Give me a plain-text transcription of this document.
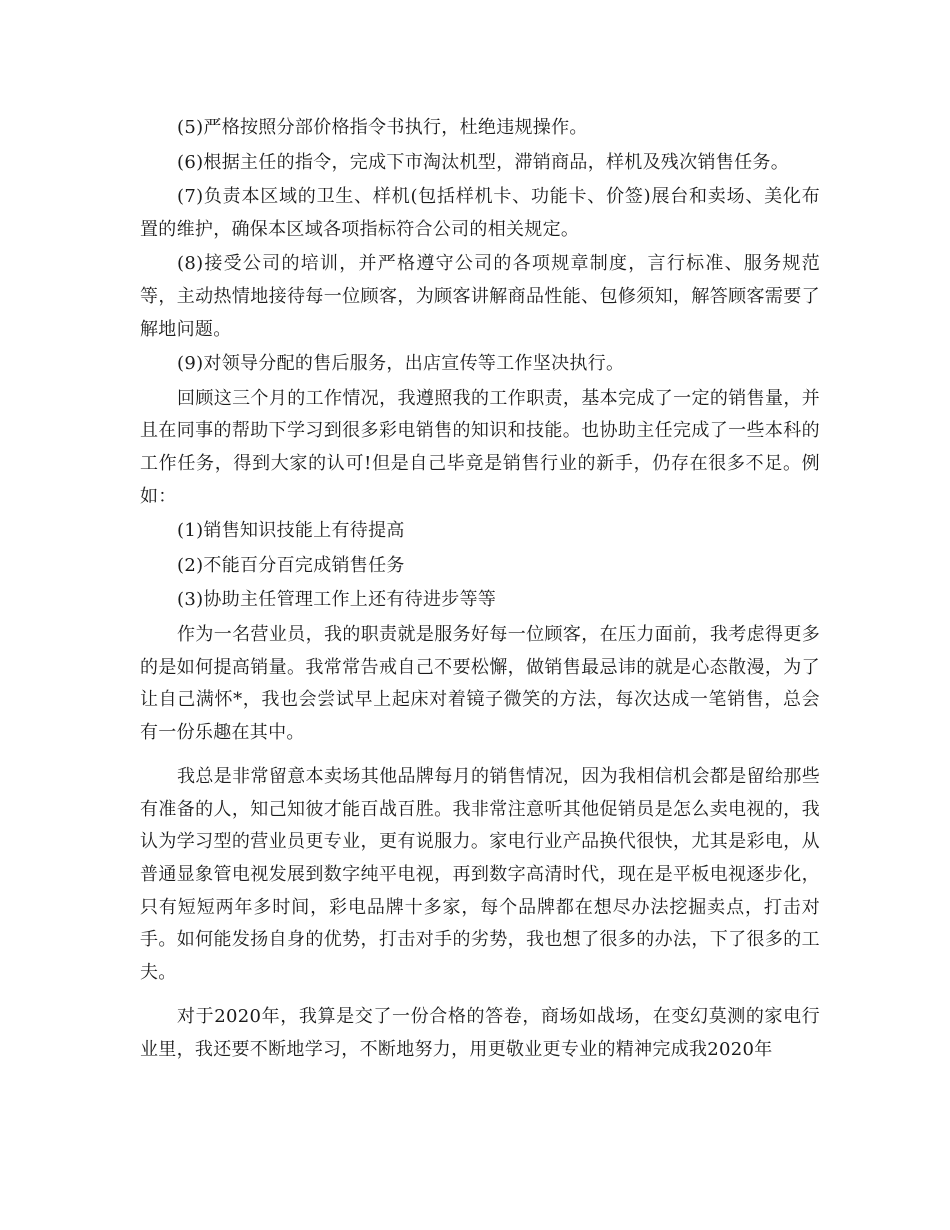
(5)严格按照分部价格指令书执行，杜绝违规操作。

(6)根据主任的指令，完成下市淘汰机型，滞销商品，样机及残次销售任务。

(7)负责本区域的卫生、样机(包括样机卡、功能卡、价签)展台和卖场、美化布置的维护，确保本区域各项指标符合公司的相关规定。

(8)接受公司的培训，并严格遵守公司的各项规章制度，言行标准、服务规范等，主动热情地接待每一位顾客，为顾客讲解商品性能、包修须知，解答顾客需要了解地问题。

(9)对领导分配的售后服务，出店宣传等工作坚决执行。

回顾这三个月的工作情况，我遵照我的工作职责，基本完成了一定的销售量，并且在同事的帮助下学习到很多彩电销售的知识和技能。也协助主任完成了一些本科的工作任务，得到大家的认可!但是自己毕竟是销售行业的新手，仍存在很多不足。例如：

(1)销售知识技能上有待提高

(2)不能百分百完成销售任务

(3)协助主任管理工作上还有待进步等等

作为一名营业员，我的职责就是服务好每一位顾客，在压力面前，我考虑得更多的是如何提高销量。我常常告戒自己不要松懈，做销售最忌讳的就是心态散漫，为了让自己满怀*，我也会尝试早上起床对着镜子微笑的方法，每次达成一笔销售，总会有一份乐趣在其中。

我总是非常留意本卖场其他品牌每月的销售情况，因为我相信机会都是留给那些有准备的人，知己知彼才能百战百胜。我非常注意听其他促销员是怎么卖电视的，我认为学习型的营业员更专业，更有说服力。家电行业产品换代很快，尤其是彩电，从普通显象管电视发展到数字纯平电视，再到数字高清时代，现在是平板电视逐步化，只有短短两年多时间，彩电品牌十多家，每个品牌都在想尽办法挖掘卖点，打击对手。如何能发扬自身的优势，打击对手的劣势，我也想了很多的办法，下了很多的工夫。

对于2020年，我算是交了一份合格的答卷，商场如战场，在变幻莫测的家电行业里，我还要不断地学习，不断地努力，用更敬业更专业的精神完成我2020年
